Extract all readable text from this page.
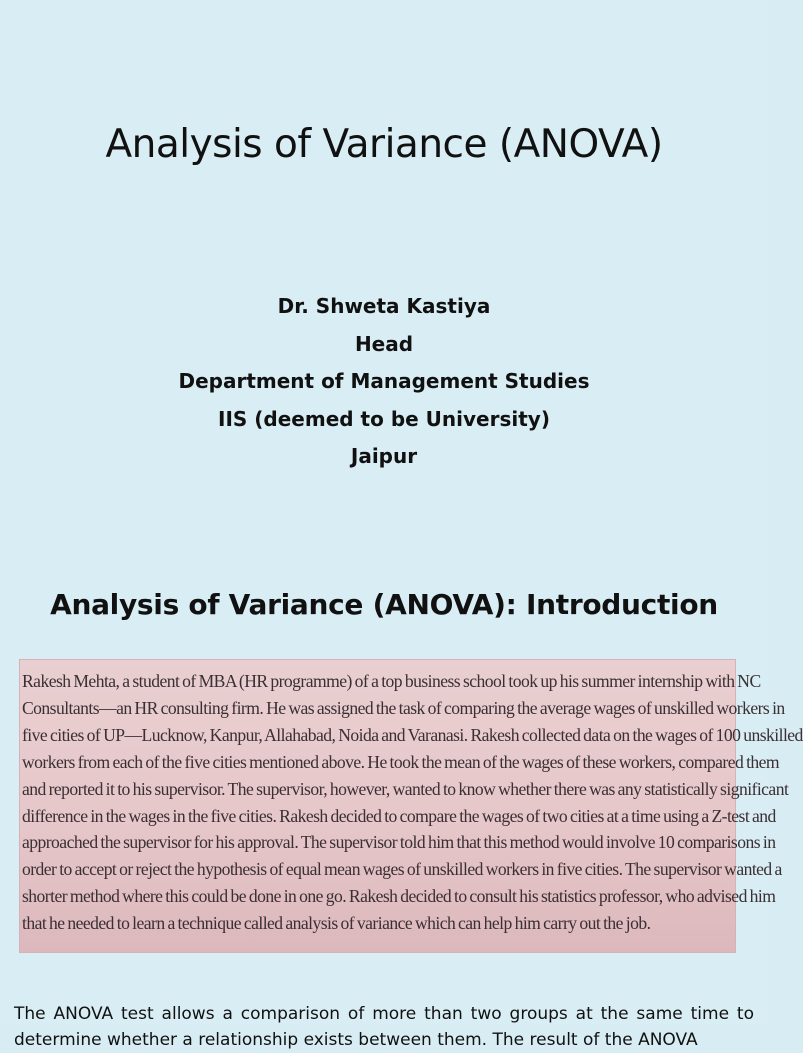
Analysis of Variance (ANOVA)
Dr. Shweta Kastiya
Head
Department of Management Studies
IIS (deemed to be University)
Jaipur
Analysis of Variance (ANOVA): Introduction
Rakesh Mehta, a student of MBA (HR programme) of a top business school took up his summer internship with NC
Consultants—an HR consulting firm. He was assigned the task of comparing the average wages of unskilled workers in
five cities of UP—Lucknow, Kanpur, Allahabad, Noida and Varanasi. Rakesh collected data on the wages of 100 unskilled
workers from each of the five cities mentioned above. He took the mean of the wages of these workers, compared them
and reported it to his supervisor. The supervisor, however, wanted to know whether there was any statistically significant
difference in the wages in the five cities. Rakesh decided to compare the wages of two cities at a time using a Z-test and
approached the supervisor for his approval. The supervisor told him that this method would involve 10 comparisons in
order to accept or reject the hypothesis of equal mean wages of unskilled workers in five cities. The supervisor wanted a
shorter method where this could be done in one go. Rakesh decided to consult his statistics professor, who advised him
that he needed to learn a technique called analysis of variance which can help him carry out the job.

The ANOVA test allows a comparison of more than two groups at the same time to determine whether a relationship exists between them. The result of the ANOVA
